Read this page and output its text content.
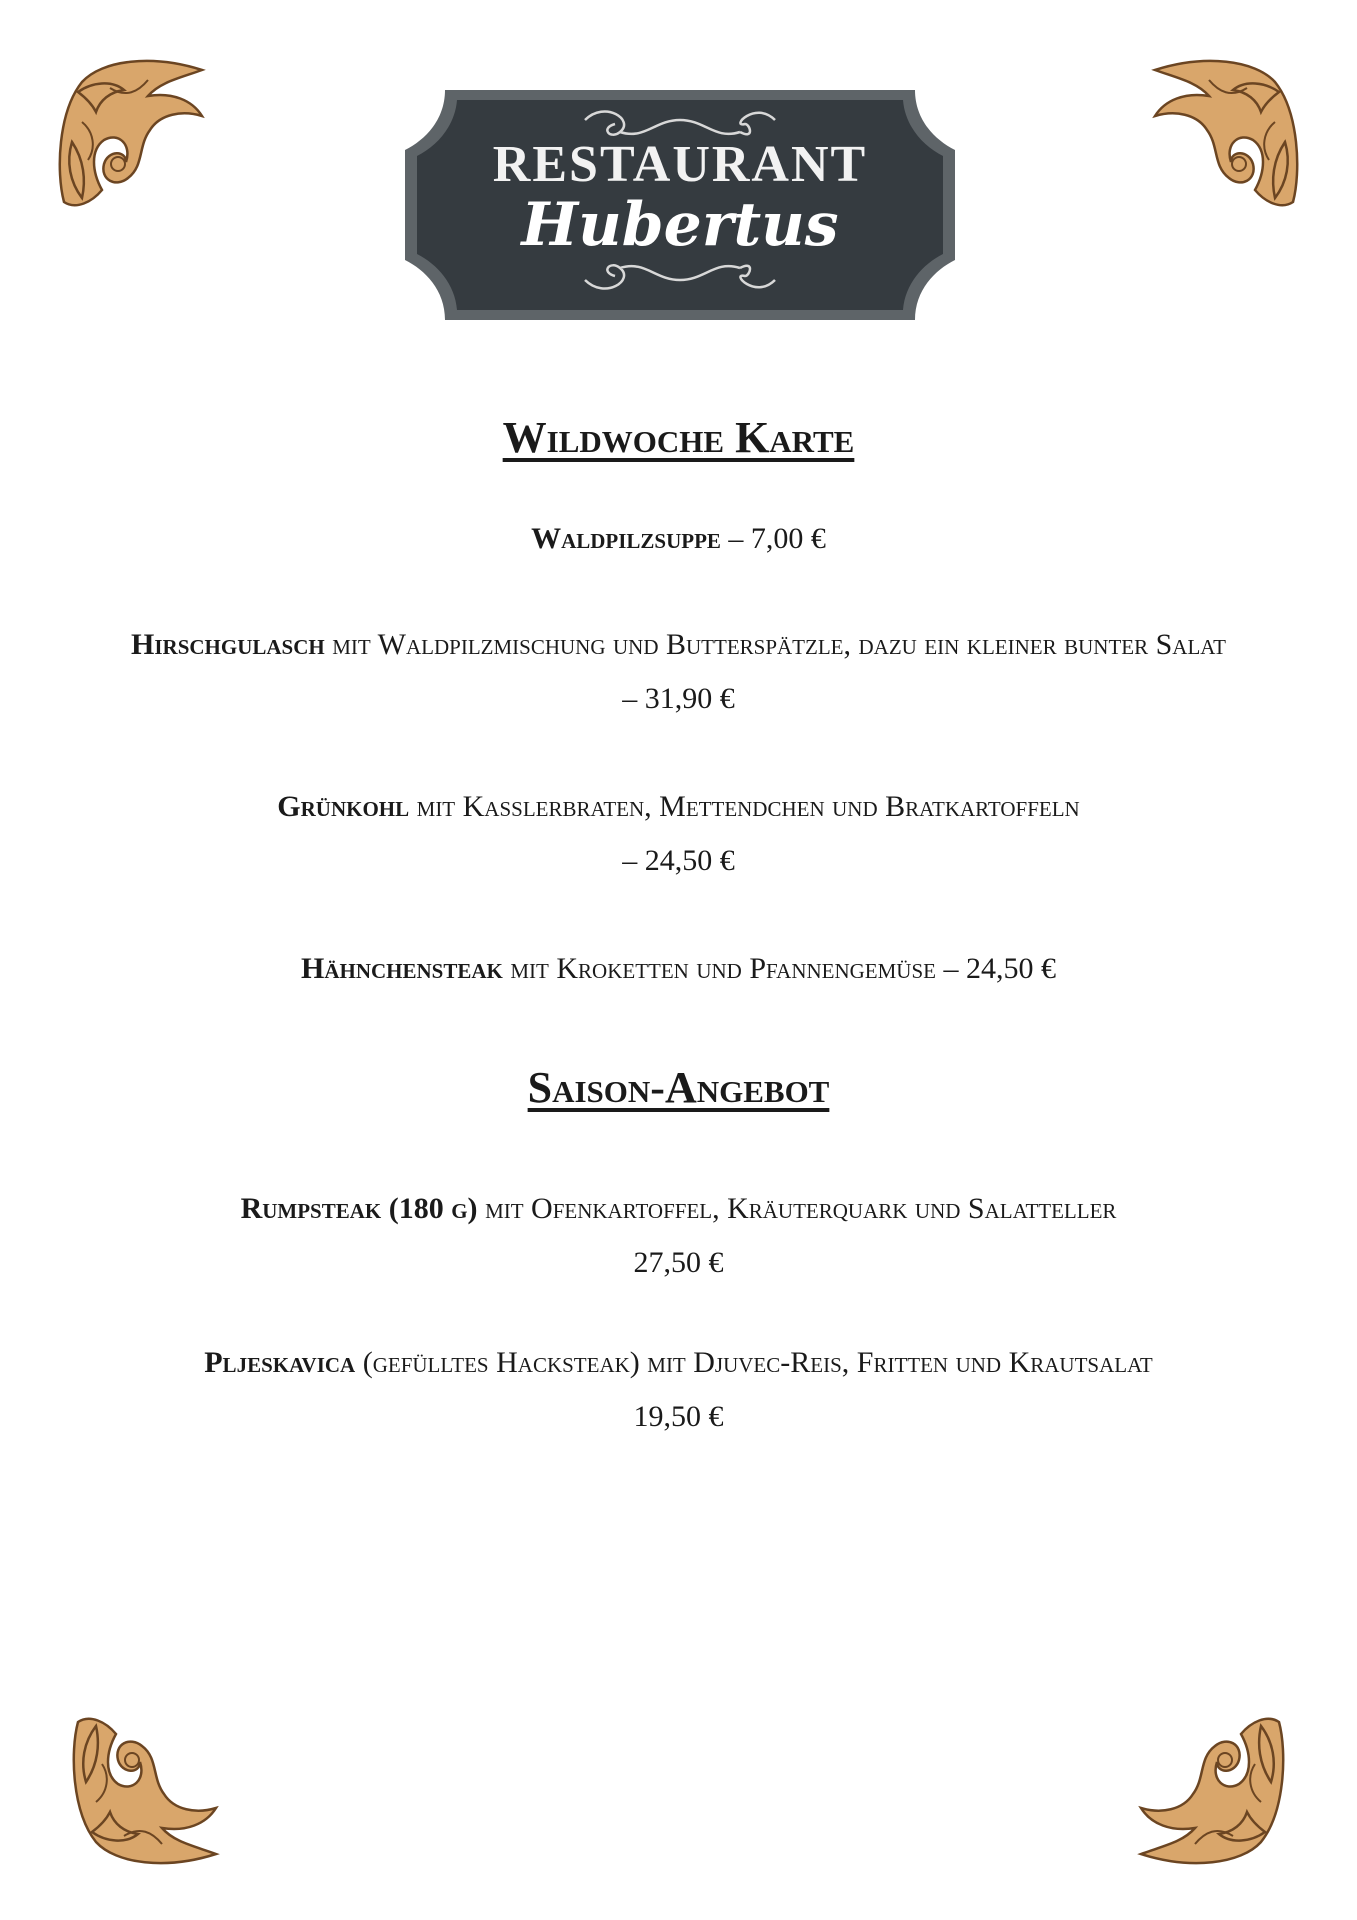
RESTAURANT
Hubertus
Wildwoche Karte

Waldpilzsuppe – 7,00 €

Hirschgulasch mit Waldpilzmischung und Butterspätzle, dazu ein kleiner bunter Salat – 31,90 €

Grünkohl mit Kasslerbraten, Mettendchen und Bratkartoffeln – 24,50 €

Hähnchensteak mit Kroketten und Pfannengemüse – 24,50 €

Saison-Angebot
Rumpsteak (180 g) mit Ofenkartoffel, Kräuterquark und Salatteller
27,50 €
Pljeskavica (gefülltes Hacksteak) mit Djuvec-Reis, Fritten und Krautsalat
19,50 €
